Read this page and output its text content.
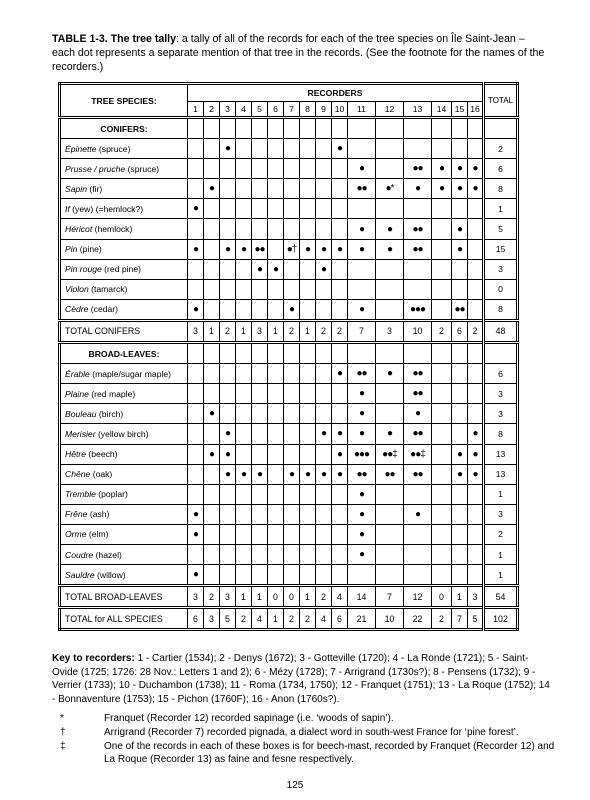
TABLE 1-3. The tree tally: a tally of all of the records for each of the tree species on Île Saint-Jean – each dot represents a separate mention of that tree in the records. (See the footnote for the names of the recorders.)
TREE SPECIES:	RECORDERS																TOTAL
	1	2	3	4	5	6	7	8	9	10	11	12	13	14	15	16	
CONIFERS:																	
Épinette (spruce)			●							●							2
Prusse / pruche (spruce)											●		●●	●	●	●	6
Sapin (fir)		●									●●	●*	●	●	●	●	8
If (yew) (=hemlock?)	●																1
Héricot (hemlock)											●	●	●●		●		5
Pin (pine)	●		●	●	●●		●†	●	●	●	●	●	●●		●		15
Pin rouge (red pine)					●	●			●								3
Violon (tamarck)																	0
Cèdre (cedar)	●						●				●		●●●		●●		8
TOTAL CONIFERS	3	1	2	1	3	1	2	1	2	2	7	3	10	2	6	2	48
BROAD-LEAVES:																	
Érable (maple/sugar maple)										●	●●	●	●●				6
Plaine (red maple)											●		●●				3
Bouleau (birch)		●									●		●				3
Merisier (yellow birch)			●						●	●	●	●	●●			●	8
Hêtre (beech)		●	●							●	●●●	●●‡	●●‡		●	●	13
Chêne (oak)			●	●	●		●	●	●	●	●●	●●	●●		●	●	13
Tremble (poplar)											●						1
Frêne (ash)	●										●		●				3
Orme (elm)	●										●						2
Coudre (hazel)											●						1
Sauldre (willow)	●																1
TOTAL BROAD-LEAVES	3	2	3	1	1	0	0	1	2	4	14	7	12	0	1	3	54
TOTAL for ALL SPECIES	6	3	5	2	4	1	2	2	4	6	21	10	22	2	7	5	102
Key to recorders: 1 - Cartier (1534); 2 - Denys (1672); 3 - Gotteville (1720); 4 - La Ronde (1721); 5 - Saint-Ovide (1725; 1726: 28 Nov.: Letters 1 and 2); 6 - Mézy (1728); 7 - Arrigrand (1730s?); 8 - Pensens (1732); 9 - Verrier (1733); 10 - Duchambon (1738); 11 - Roma (1734, 1750); 12 - Franquet (1751); 13 - La Roque (1752); 14 - Bonnaventure (1753); 15 - Pichon (1760F); 16 - Anon (1760s?).
*	Franquet (Recorder 12) recorded sapinage (i.e. ‘woods of sapin’).
†	Arrigrand (Recorder 7) recorded pignada, a dialect word in south-west France for ‘pine forest’.
‡	One of the records in each of these boxes is for beech-mast, recorded by Franquet (Recorder 12) and La Roque (Recorder 13) as faine and fesne respectively.
125
